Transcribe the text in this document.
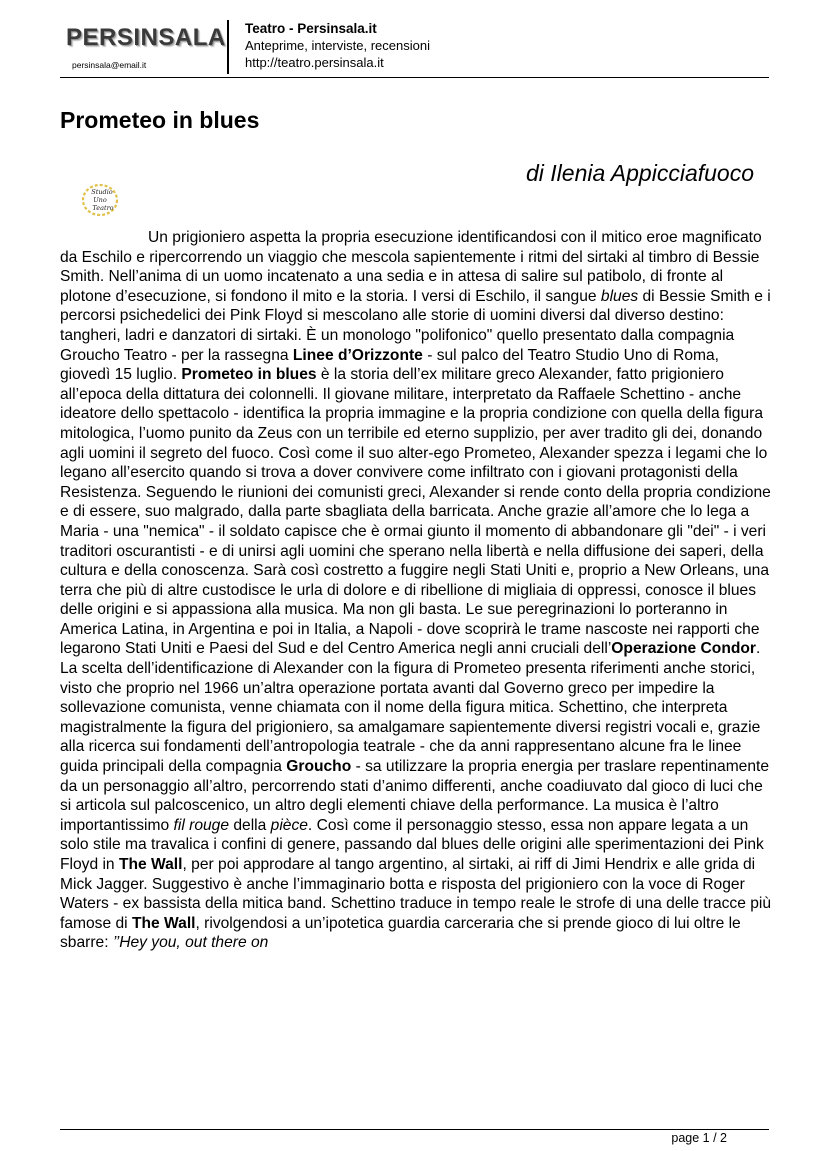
PERSINSALA
persinsala@email.it
Teatro - Persinsala.it
Anteprime, interviste, recensioni
http://teatro.persinsala.it
Prometeo in blues
di Ilenia Appicciafuoco
Studio
Uno
Teatro

Un prigioniero aspetta la propria esecuzione identificandosi con il mitico eroe magnificato da Eschilo e ripercorrendo un viaggio che mescola sapientemente i ritmi del sirtaki al timbro di Bessie Smith. Nell’anima di un uomo incatenato a una sedia e in attesa di salire sul patibolo, di fronte al plotone d’esecuzione, si fondono il mito e la storia. I versi di Eschilo, il sangue blues di Bessie Smith e i percorsi psichedelici dei Pink Floyd si mescolano alle storie di uomini diversi dal diverso destino: tangheri, ladri e danzatori di sirtaki. È un monologo "polifonico" quello presentato dalla compagnia Groucho Teatro - per la rassegna Linee d’Orizzonte - sul palco del Teatro Studio Uno di Roma, giovedì 15 luglio. Prometeo in blues è la storia dell’ex militare greco Alexander, fatto prigioniero all’epoca della dittatura dei colonnelli. Il giovane militare, interpretato da Raffaele Schettino - anche ideatore dello spettacolo - identifica la propria immagine e la propria condizione con quella della figura mitologica, l’uomo punito da Zeus con un terribile ed eterno supplizio, per aver tradito gli dei, donando agli uomini il segreto del fuoco. Così come il suo alter-ego Prometeo, Alexander spezza i legami che lo legano all’esercito quando si trova a dover convivere come infiltrato con i giovani protagonisti della Resistenza. Seguendo le riunioni dei comunisti greci, Alexander si rende conto della propria condizione e di essere, suo malgrado, dalla parte sbagliata della barricata. Anche grazie all’amore che lo lega a Maria - una "nemica" - il soldato capisce che è ormai giunto il momento di abbandonare gli "dei" - i veri traditori oscurantisti - e di unirsi agli uomini che sperano nella libertà e nella diffusione dei saperi, della cultura e della conoscenza. Sarà così costretto a fuggire negli Stati Uniti e, proprio a New Orleans, una terra che più di altre custodisce le urla di dolore e di ribellione di migliaia di oppressi, conosce il blues delle origini e si appassiona alla musica. Ma non gli basta. Le sue peregrinazioni lo porteranno in America Latina, in Argentina e poi in Italia, a Napoli - dove scoprirà le trame nascoste nei rapporti che legarono Stati Uniti e Paesi del Sud e del Centro America negli anni cruciali dell’Operazione Condor. La scelta dell’identificazione di Alexander con la figura di Prometeo presenta riferimenti anche storici, visto che proprio nel 1966 un’altra operazione portata avanti dal Governo greco per impedire la sollevazione comunista, venne chiamata con il nome della figura mitica. Schettino, che interpreta magistralmente la figura del prigioniero, sa amalgamare sapientemente diversi registri vocali e, grazie alla ricerca sui fondamenti dell’antropologia teatrale - che da anni rappresentano alcune fra le linee guida principali della compagnia Groucho - sa utilizzare la propria energia per traslare repentinamente da un personaggio all’altro, percorrendo stati d’animo differenti, anche coadiuvato dal gioco di luci che si articola sul palcoscenico, un altro degli elementi chiave della performance. La musica è l’altro importantissimo fil rouge della pièce. Così come il personaggio stesso, essa non appare legata a un solo stile ma travalica i confini di genere, passando dal blues delle origini alle sperimentazioni dei Pink Floyd in The Wall, per poi approdare al tango argentino, al sirtaki, ai riff di Jimi Hendrix e alle grida di Mick Jagger. Suggestivo è anche l’immaginario botta e risposta del prigioniero con la voce di Roger Waters - ex bassista della mitica band. Schettino traduce in tempo reale le strofe di una delle tracce più famose di The Wall, rivolgendosi a un’ipotetica guardia carceraria che si prende gioco di lui oltre le sbarre: ’’Hey you, out there on

page 1 / 2
